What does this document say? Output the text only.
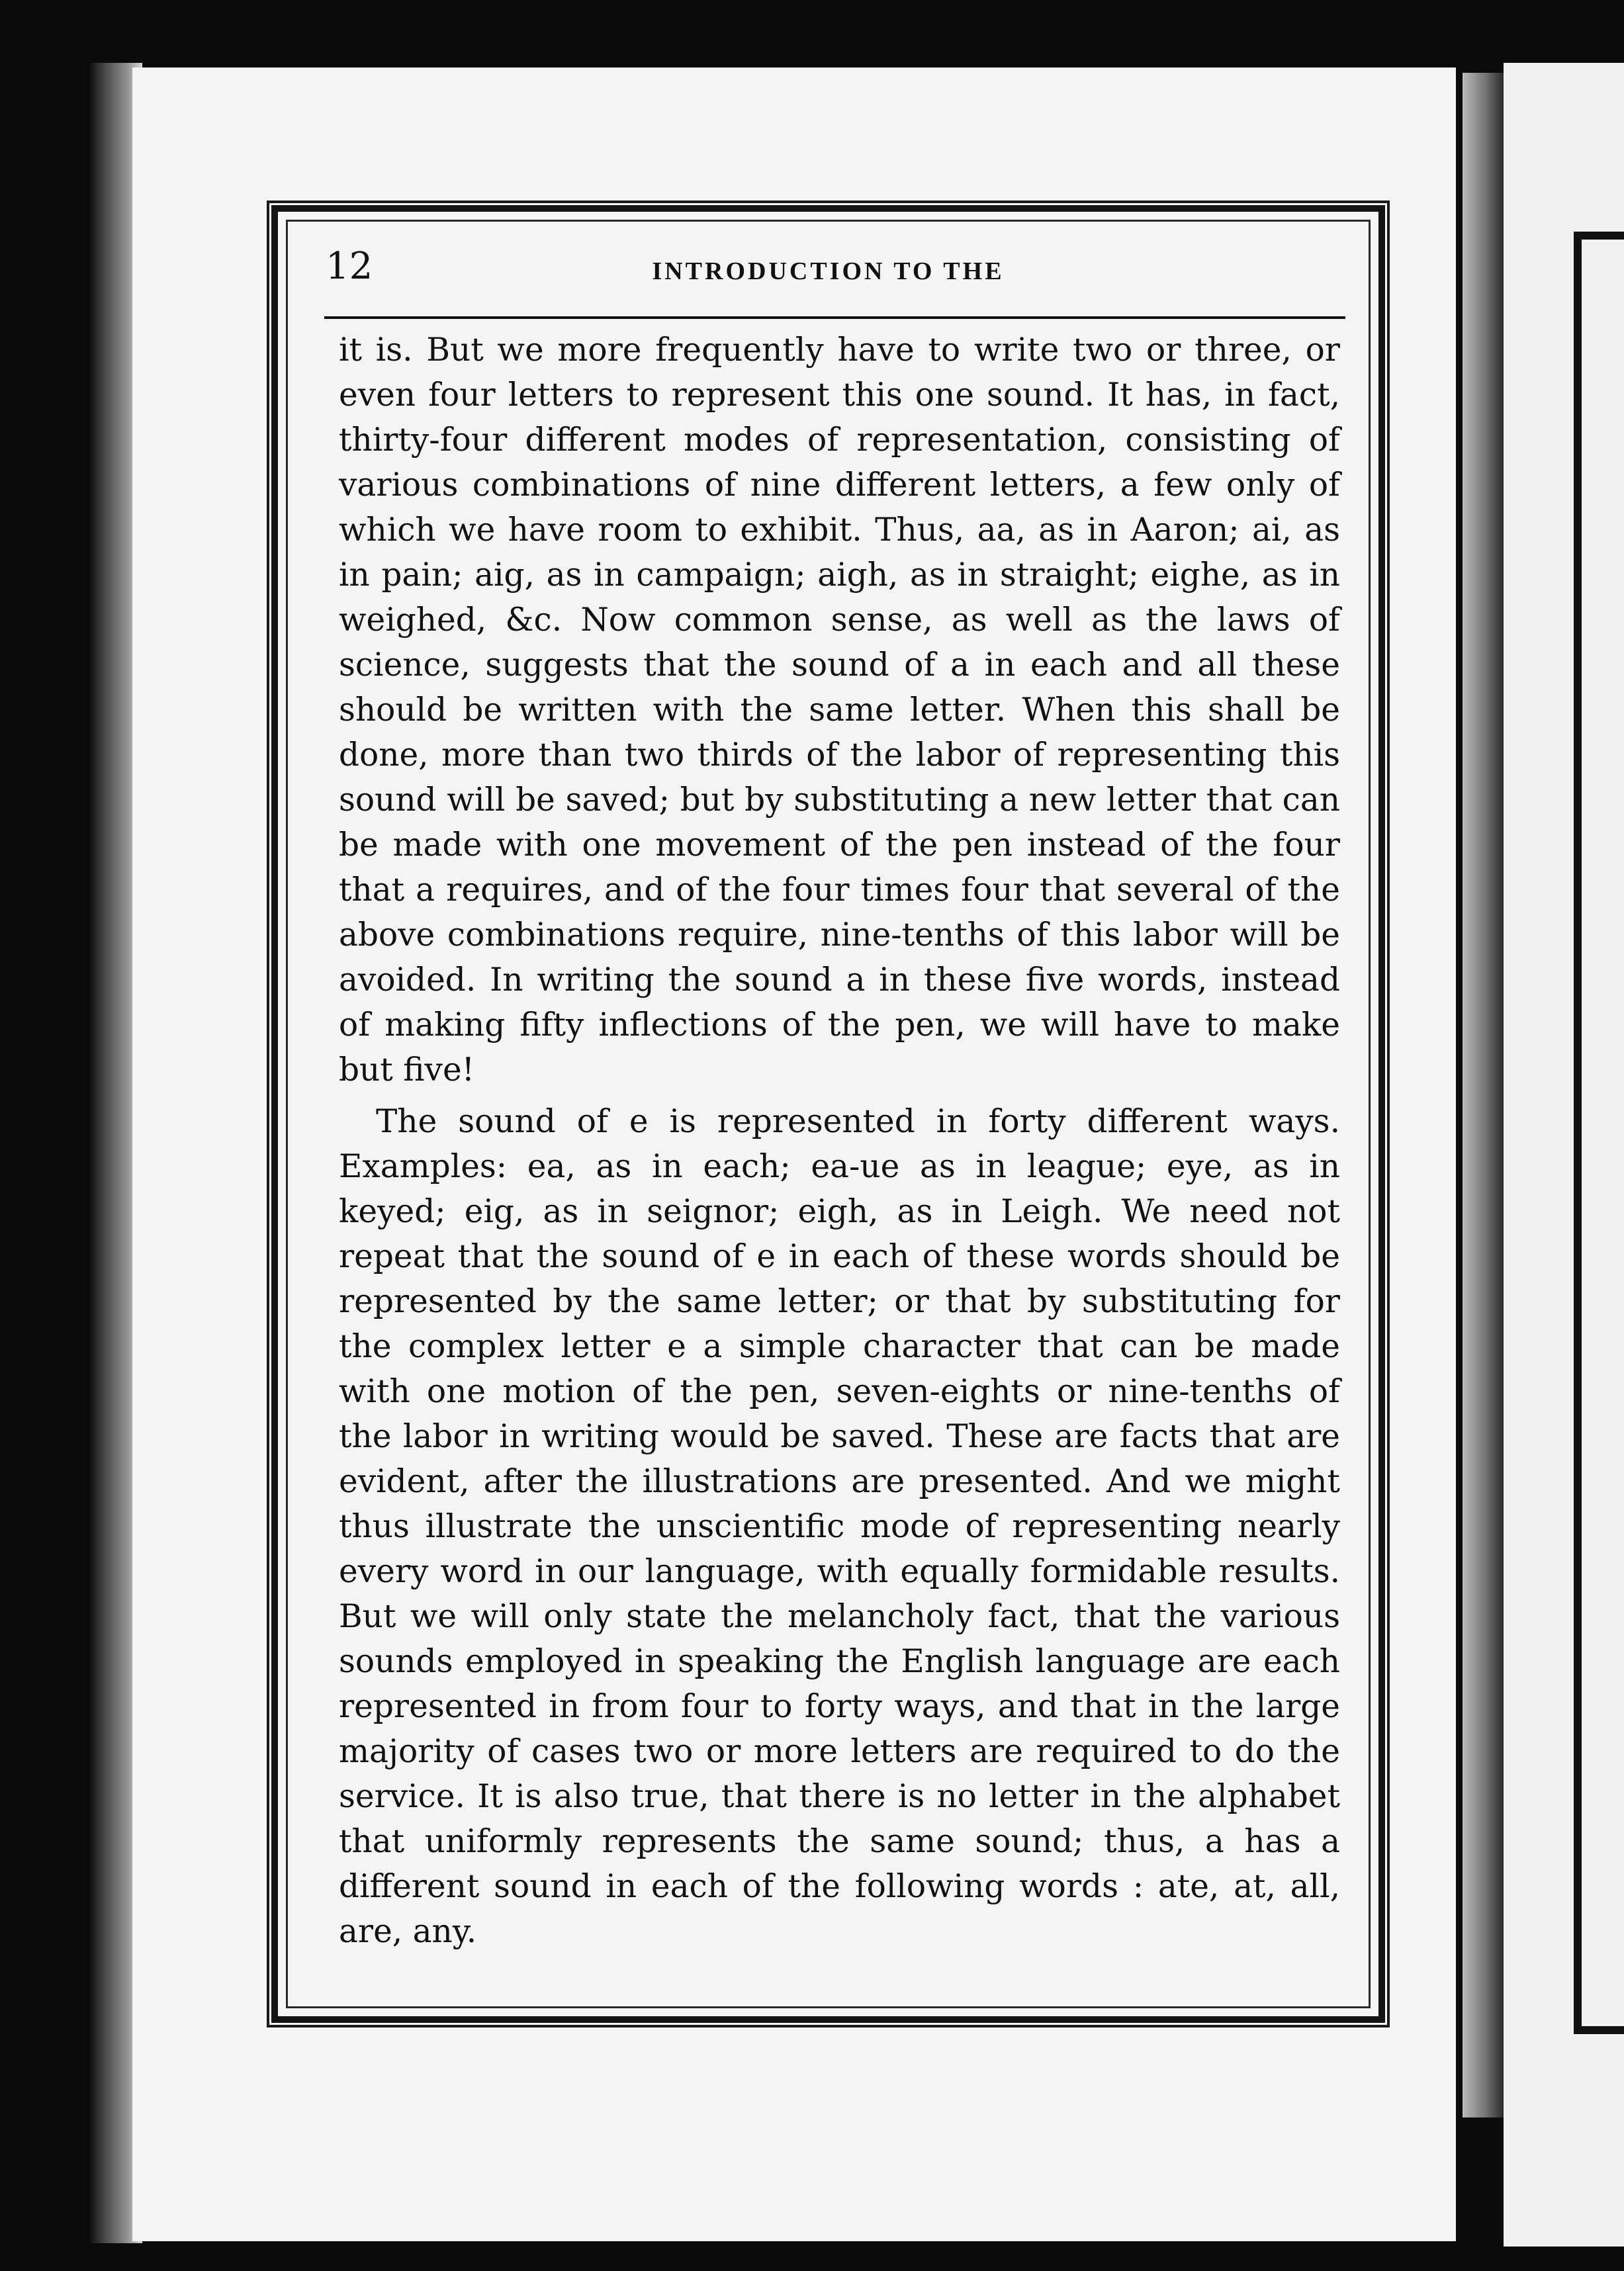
12	INTRODUCTION TO THE

it is. But we more frequently have to write two or three, or even four letters to represent this one sound. It has, in fact, thirty-four different modes of representation, consisting of various combinations of nine different letters, a few only of which we have room to exhibit. Thus, aa, as in Aaron; ai, as in pain; aig, as in campaign; aigh, as in straight; eighe, as in weighed, &c. Now common sense, as well as the laws of science, suggests that the sound of a in each and all these should be written with the same letter. When this shall be done, more than two thirds of the labor of representing this sound will be saved; but by substituting a new letter that can be made with one movement of the pen instead of the four that a requires, and of the four times four that several of the above combinations require, nine-tenths of this labor will be avoided. In writing the sound a in these five words, instead of making fifty inflections of the pen, we will have to make but five!

The sound of e is represented in forty different ways. Examples: ea, as in each; ea-ue as in league; eye, as in keyed; eig, as in seignor; eigh, as in Leigh. We need not repeat that the sound of e in each of these words should be represented by the same letter; or that by substituting for the complex letter e a simple character that can be made with one motion of the pen, seven-eights or nine-tenths of the labor in writing would be saved. These are facts that are evident, after the illustrations are presented. And we might thus illustrate the unscientific mode of representing nearly every word in our language, with equally formidable results. But we will only state the melancholy fact, that the various sounds employed in speaking the English language are each represented in from four to forty ways, and that in the large majority of cases two or more letters are required to do the service. It is also true, that there is no letter in the alphabet that uniformly represents the same sound; thus, a has a different sound in each of the following words : ate, at, all, are, any.
